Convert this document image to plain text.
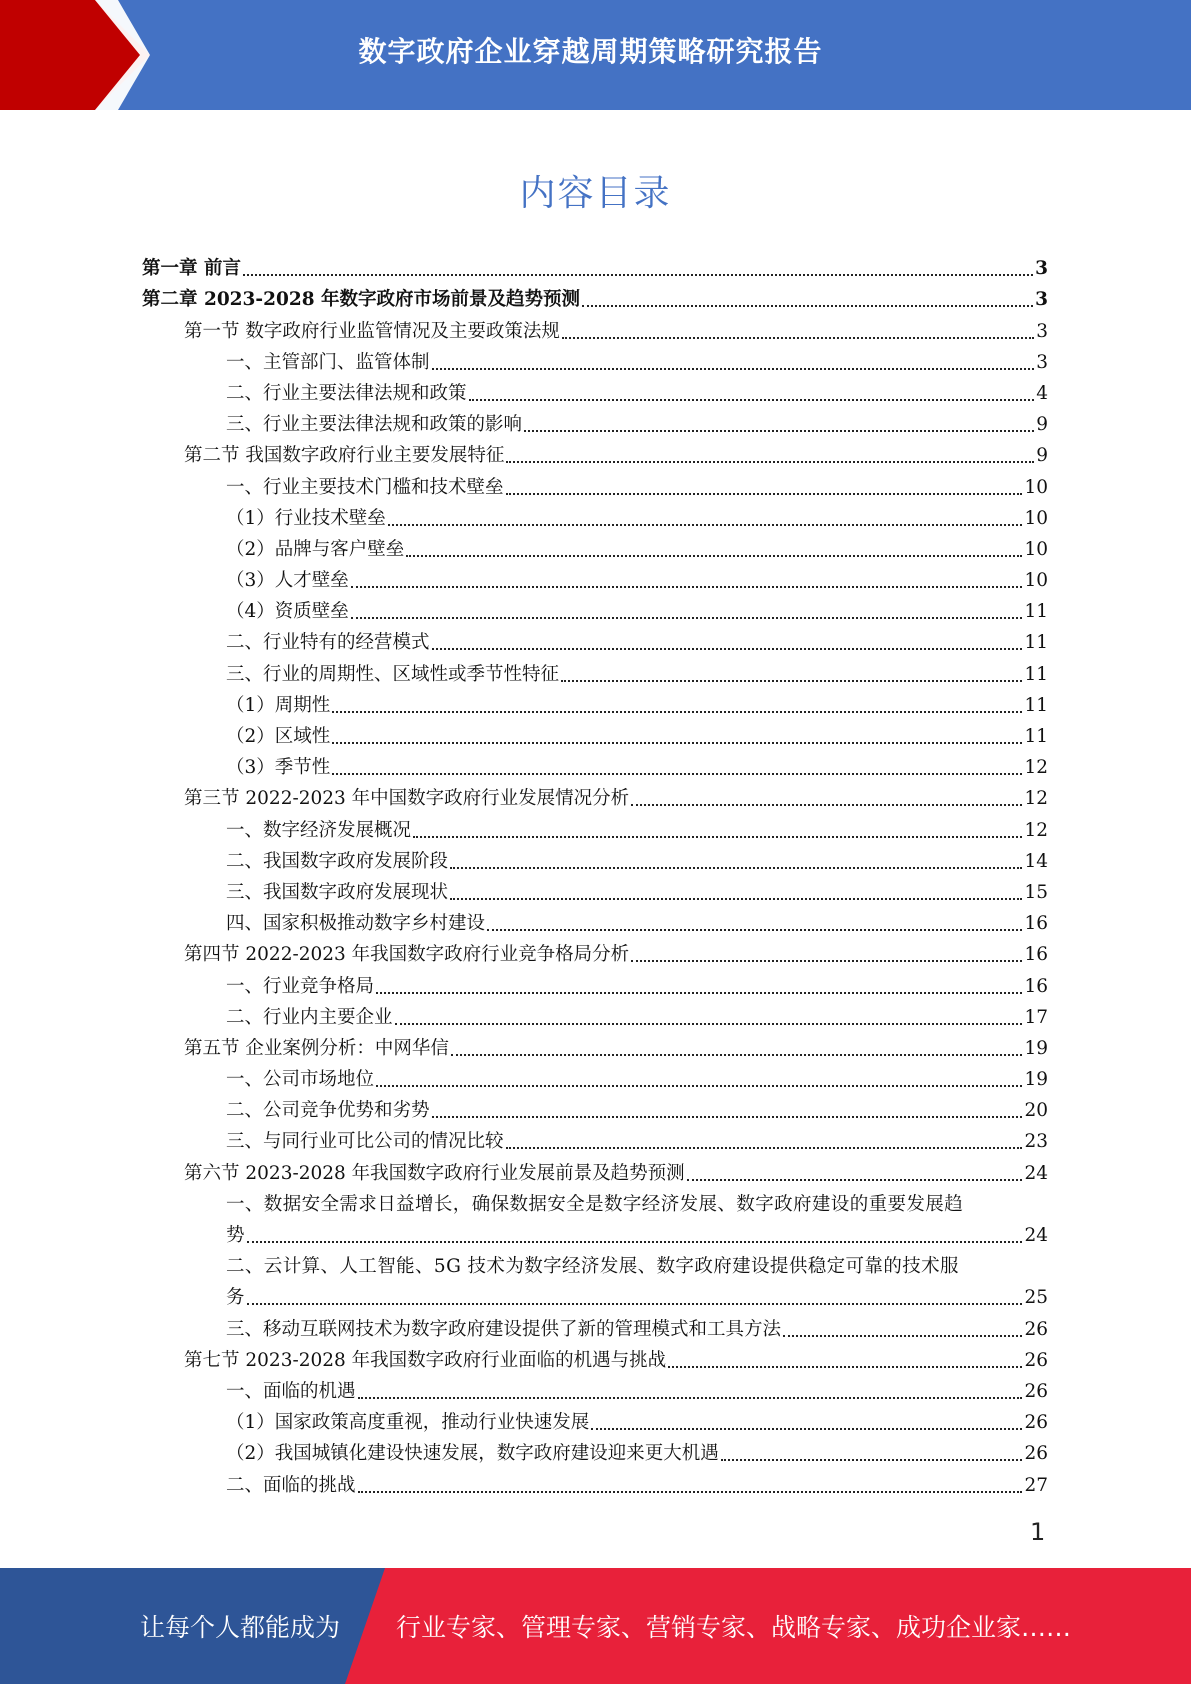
数字政府企业穿越周期策略研究报告
内容目录
第一章 前言	3
第二章 2023-2028 年数字政府市场前景及趋势预测	3
第一节 数字政府行业监管情况及主要政策法规	3
一、主管部门、监管体制	3
二、行业主要法律法规和政策	4
三、行业主要法律法规和政策的影响	9
第二节 我国数字政府行业主要发展特征	9
一、行业主要技术门槛和技术壁垒	10
（1）行业技术壁垒	10
（2）品牌与客户壁垒	10
（3）人才壁垒	10
（4）资质壁垒	11
二、行业特有的经营模式	11
三、行业的周期性、区域性或季节性特征	11
（1）周期性	11
（2）区域性	11
（3）季节性	12
第三节 2022-2023 年中国数字政府行业发展情况分析	12
一、数字经济发展概况	12
二、我国数字政府发展阶段	14
三、我国数字政府发展现状	15
四、国家积极推动数字乡村建设	16
第四节 2022-2023 年我国数字政府行业竞争格局分析	16
一、行业竞争格局	16
二、行业内主要企业	17
第五节 企业案例分析：中网华信	19
一、公司市场地位	19
二、公司竞争优势和劣势	20
三、与同行业可比公司的情况比较	23
第六节 2023-2028 年我国数字政府行业发展前景及趋势预测	24
一、数据安全需求日益增长，确保数据安全是数字经济发展、数字政府建设的重要发展趋
势	24
二、云计算、人工智能、5G 技术为数字经济发展、数字政府建设提供稳定可靠的技术服
务	25
三、移动互联网技术为数字政府建设提供了新的管理模式和工具方法	26
第七节 2023-2028 年我国数字政府行业面临的机遇与挑战	26
一、面临的机遇	26
（1）国家政策高度重视，推动行业快速发展	26
（2）我国城镇化建设快速发展，数字政府建设迎来更大机遇	26
二、面临的挑战	27
1
让每个人都能成为 行业专家、管理专家、营销专家、战略专家、成功企业家……
